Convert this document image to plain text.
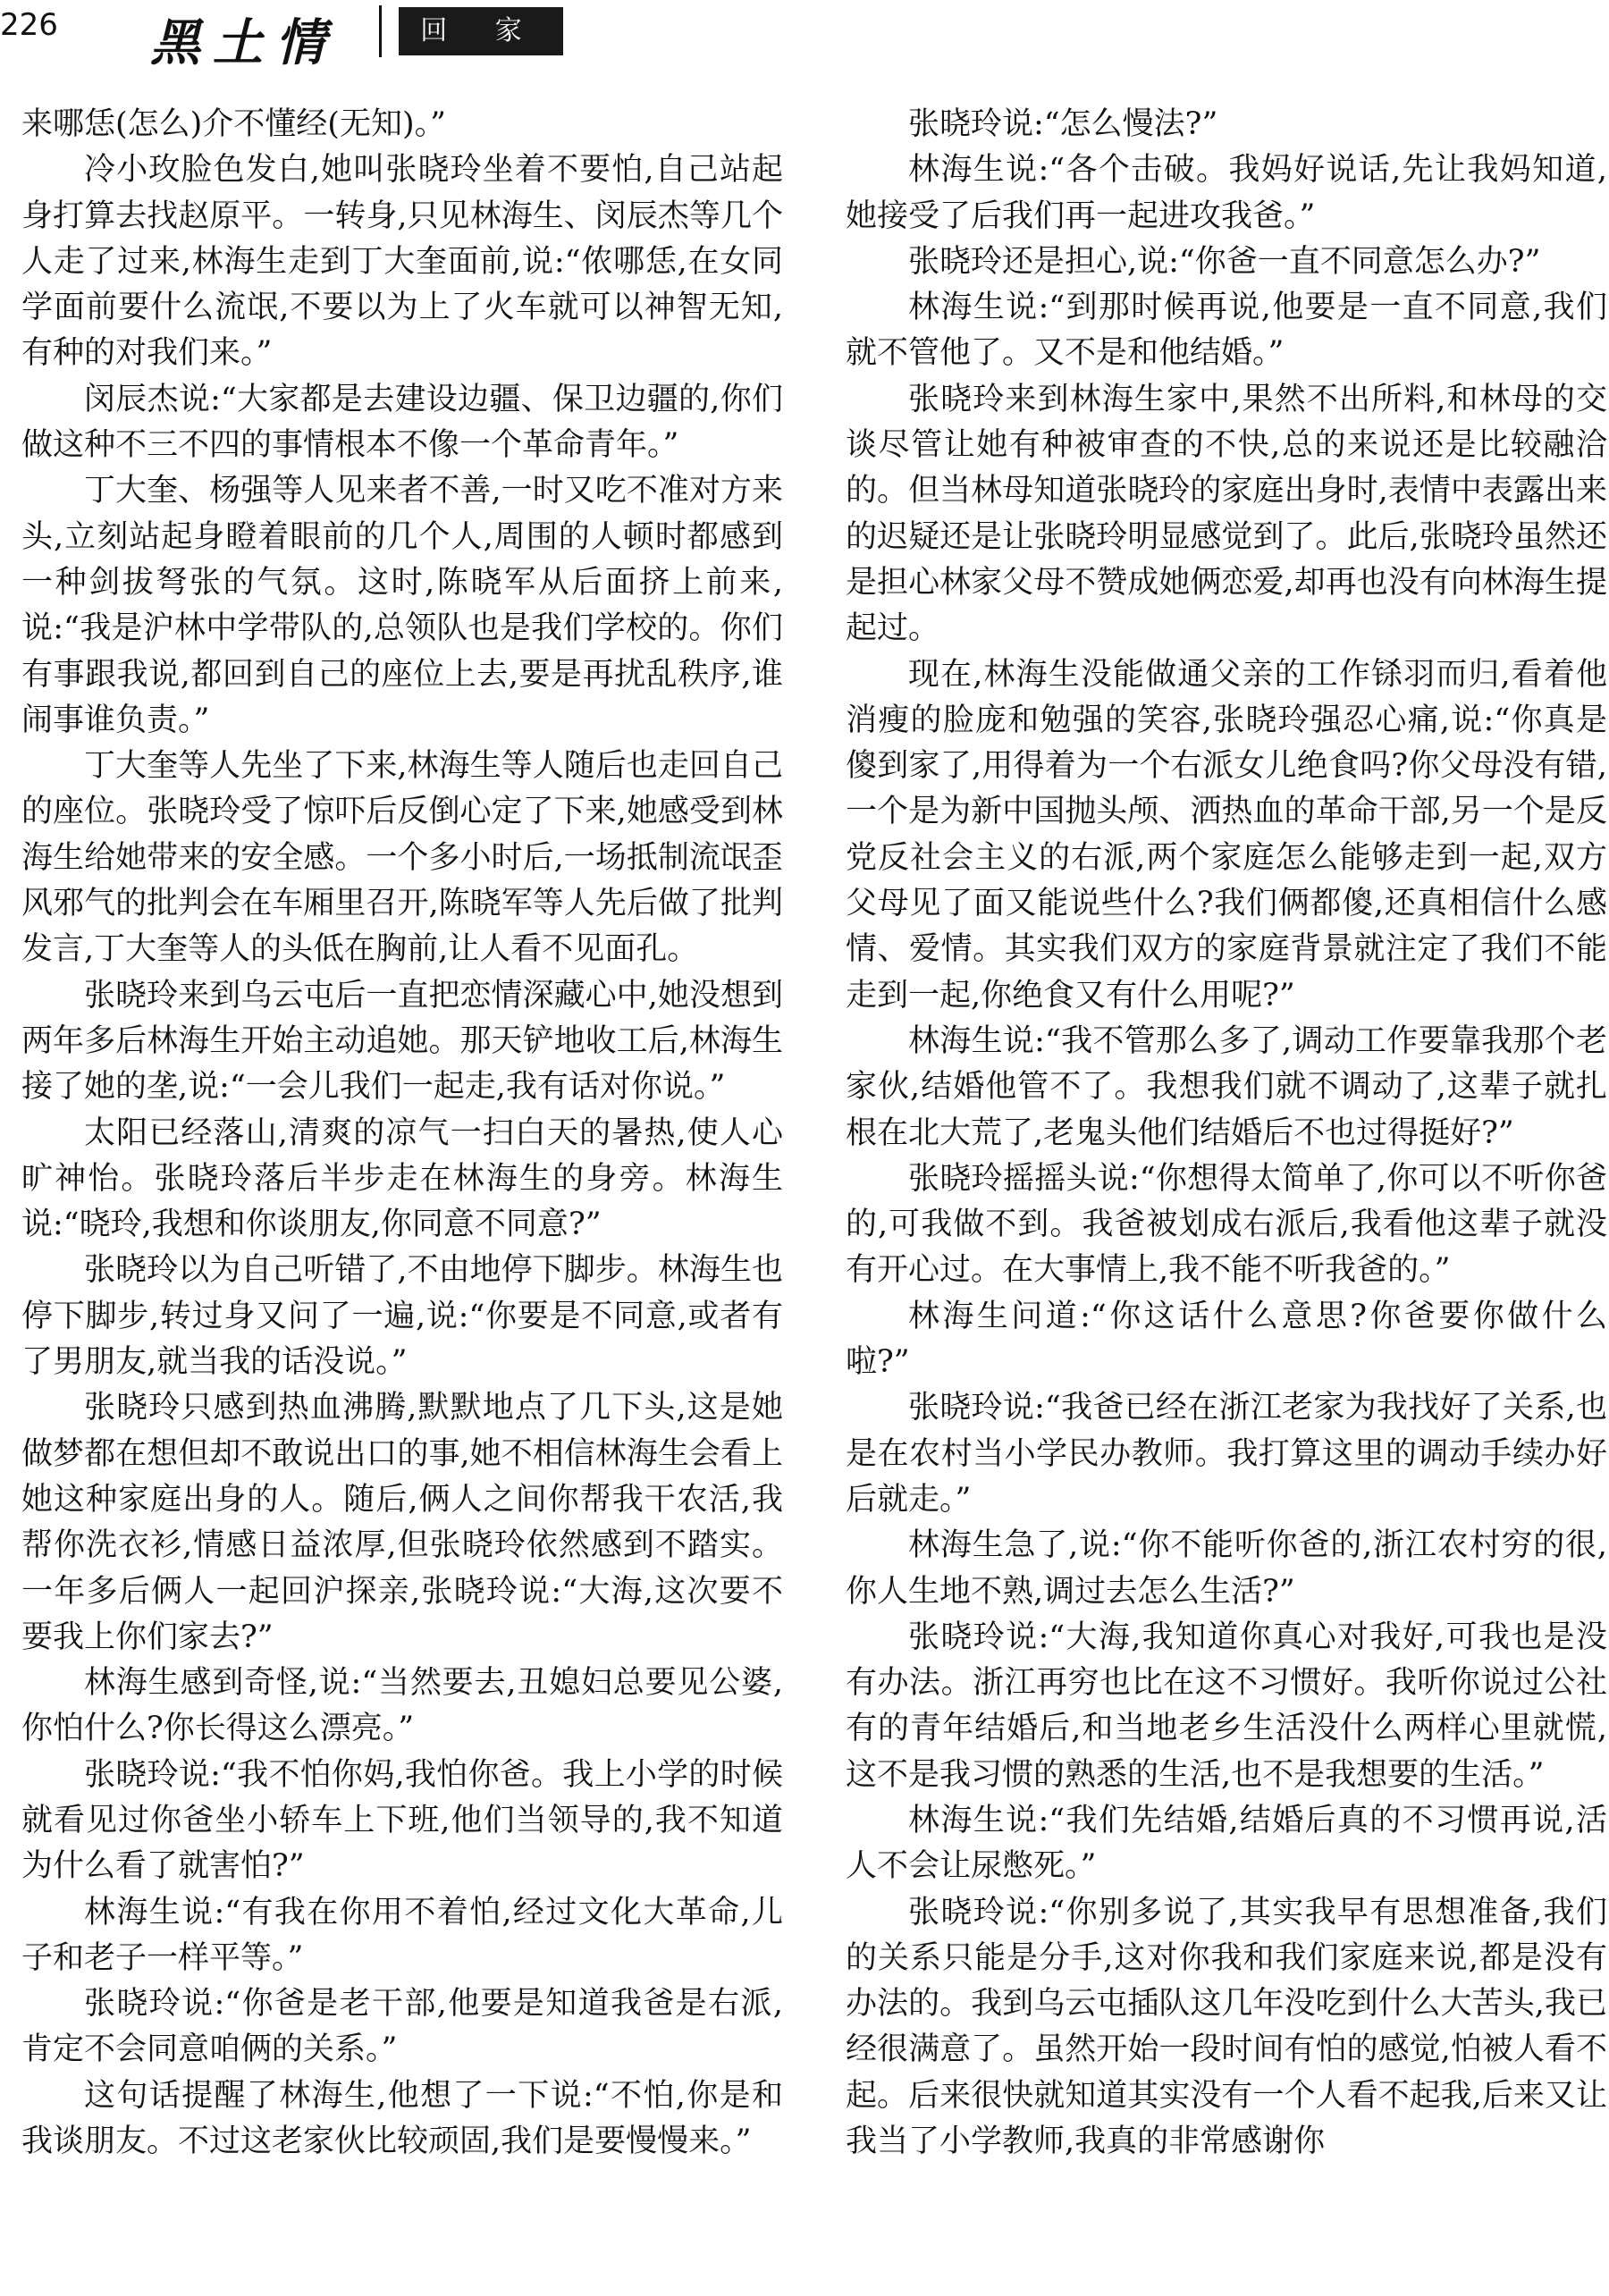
226 黑土情	回 家

来哪恁(怎么)介不懂经(无知)。”

冷小玫脸色发白,她叫张晓玲坐着不要怕,自己站起身打算去找赵原平。一转身,只见林海生、闵辰杰等几个人走了过来,林海生走到丁大奎面前,说:“侬哪恁,在女同学面前要什么流氓,不要以为上了火车就可以神智无知,有种的对我们来。”

闵辰杰说:“大家都是去建设边疆、保卫边疆的,你们做这种不三不四的事情根本不像一个革命青年。”

丁大奎、杨强等人见来者不善,一时又吃不准对方来头,立刻站起身瞪着眼前的几个人,周围的人顿时都感到一种剑拔弩张的气氛。这时,陈晓军从后面挤上前来,说:“我是沪林中学带队的,总领队也是我们学校的。你们有事跟我说,都回到自己的座位上去,要是再扰乱秩序,谁闹事谁负责。”

丁大奎等人先坐了下来,林海生等人随后也走回自己的座位。张晓玲受了惊吓后反倒心定了下来,她感受到林海生给她带来的安全感。一个多小时后,一场抵制流氓歪风邪气的批判会在车厢里召开,陈晓军等人先后做了批判发言,丁大奎等人的头低在胸前,让人看不见面孔。

张晓玲来到乌云屯后一直把恋情深藏心中,她没想到两年多后林海生开始主动追她。那天铲地收工后,林海生接了她的垄,说:“一会儿我们一起走,我有话对你说。”

太阳已经落山,清爽的凉气一扫白天的暑热,使人心旷神怡。张晓玲落后半步走在林海生的身旁。林海生说:“晓玲,我想和你谈朋友,你同意不同意?”

张晓玲以为自己听错了,不由地停下脚步。林海生也停下脚步,转过身又问了一遍,说:“你要是不同意,或者有了男朋友,就当我的话没说。”

张晓玲只感到热血沸腾,默默地点了几下头,这是她做梦都在想但却不敢说出口的事,她不相信林海生会看上她这种家庭出身的人。随后,俩人之间你帮我干农活,我帮你洗衣衫,情感日益浓厚,但张晓玲依然感到不踏实。一年多后俩人一起回沪探亲,张晓玲说:“大海,这次要不要我上你们家去?”

林海生感到奇怪,说:“当然要去,丑媳妇总要见公婆,你怕什么?你长得这么漂亮。”

张晓玲说:“我不怕你妈,我怕你爸。我上小学的时候就看见过你爸坐小轿车上下班,他们当领导的,我不知道为什么看了就害怕?”

林海生说:“有我在你用不着怕,经过文化大革命,儿子和老子一样平等。”

张晓玲说:“你爸是老干部,他要是知道我爸是右派,肯定不会同意咱俩的关系。”

这句话提醒了林海生,他想了一下说:“不怕,你是和我谈朋友。不过这老家伙比较顽固,我们是要慢慢来。”

张晓玲说:“怎么慢法?”

林海生说:“各个击破。我妈好说话,先让我妈知道,她接受了后我们再一起进攻我爸。”

张晓玲还是担心,说:“你爸一直不同意怎么办?”

林海生说:“到那时候再说,他要是一直不同意,我们就不管他了。又不是和他结婚。”

张晓玲来到林海生家中,果然不出所料,和林母的交谈尽管让她有种被审查的不快,总的来说还是比较融洽的。但当林母知道张晓玲的家庭出身时,表情中表露出来的迟疑还是让张晓玲明显感觉到了。此后,张晓玲虽然还是担心林家父母不赞成她俩恋爱,却再也没有向林海生提起过。

现在,林海生没能做通父亲的工作铩羽而归,看着他消瘦的脸庞和勉强的笑容,张晓玲强忍心痛,说:“你真是傻到家了,用得着为一个右派女儿绝食吗?你父母没有错,一个是为新中国抛头颅、洒热血的革命干部,另一个是反党反社会主义的右派,两个家庭怎么能够走到一起,双方父母见了面又能说些什么?我们俩都傻,还真相信什么感情、爱情。其实我们双方的家庭背景就注定了我们不能走到一起,你绝食又有什么用呢?”

林海生说:“我不管那么多了,调动工作要靠我那个老家伙,结婚他管不了。我想我们就不调动了,这辈子就扎根在北大荒了,老鬼头他们结婚后不也过得挺好?”

张晓玲摇摇头说:“你想得太简单了,你可以不听你爸的,可我做不到。我爸被划成右派后,我看他这辈子就没有开心过。在大事情上,我不能不听我爸的。”

林海生问道:“你这话什么意思?你爸要你做什么啦?”

张晓玲说:“我爸已经在浙江老家为我找好了关系,也是在农村当小学民办教师。我打算这里的调动手续办好后就走。”

林海生急了,说:“你不能听你爸的,浙江农村穷的很,你人生地不熟,调过去怎么生活?”

张晓玲说:“大海,我知道你真心对我好,可我也是没有办法。浙江再穷也比在这不习惯好。我听你说过公社有的青年结婚后,和当地老乡生活没什么两样心里就慌,这不是我习惯的熟悉的生活,也不是我想要的生活。”

林海生说:“我们先结婚,结婚后真的不习惯再说,活人不会让尿憋死。”

张晓玲说:“你别多说了,其实我早有思想准备,我们的关系只能是分手,这对你我和我们家庭来说,都是没有办法的。我到乌云屯插队这几年没吃到什么大苦头,我已经很满意了。虽然开始一段时间有怕的感觉,怕被人看不起。后来很快就知道其实没有一个人看不起我,后来又让我当了小学教师,我真的非常感谢你
